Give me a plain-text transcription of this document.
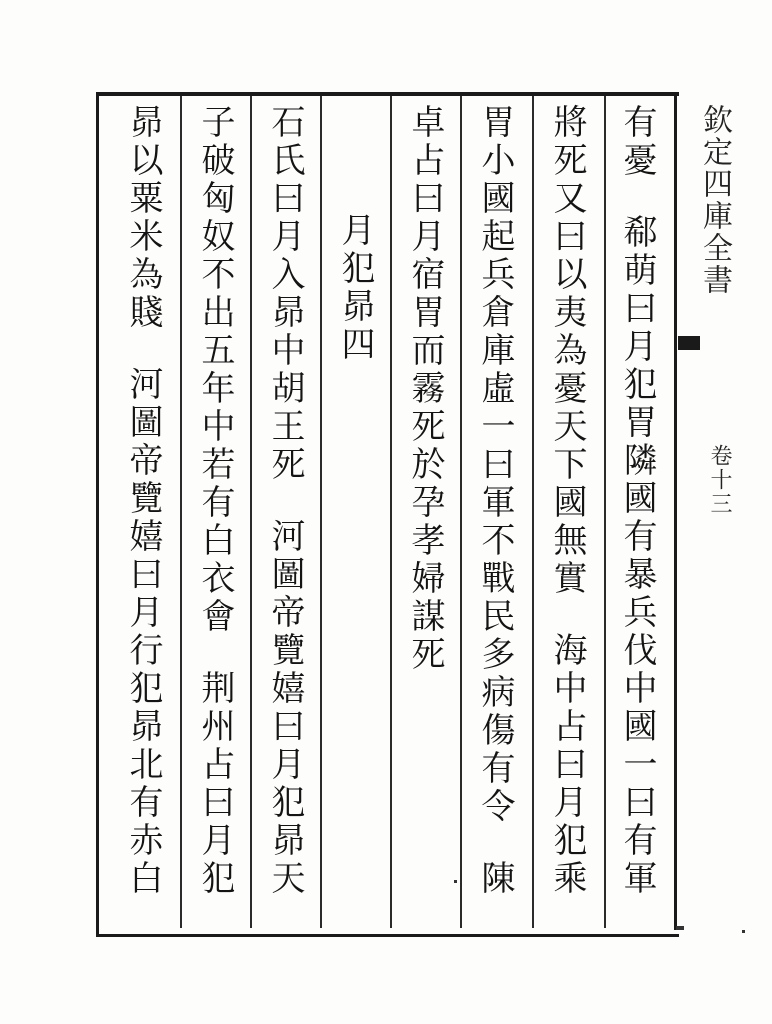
欽定四庫全書
卷十三
有憂郗萌曰月犯胃隣國有暴兵伐中國一曰有軍
將死又曰以夷為憂天下國無實海中占曰月犯乘
胃小國起兵倉庫虛一曰軍不戰民多病傷有令陳
卓占曰月宿胃而霧死於孕孝婦謀死
月犯昴四
石氏曰月入昴中胡王死河圖帝覽嬉曰月犯昴天
子破匈奴不出五年中若有白衣會荆州占曰月犯
昴以粟米為賤河圖帝覽嬉曰月行犯昴北有赤白
